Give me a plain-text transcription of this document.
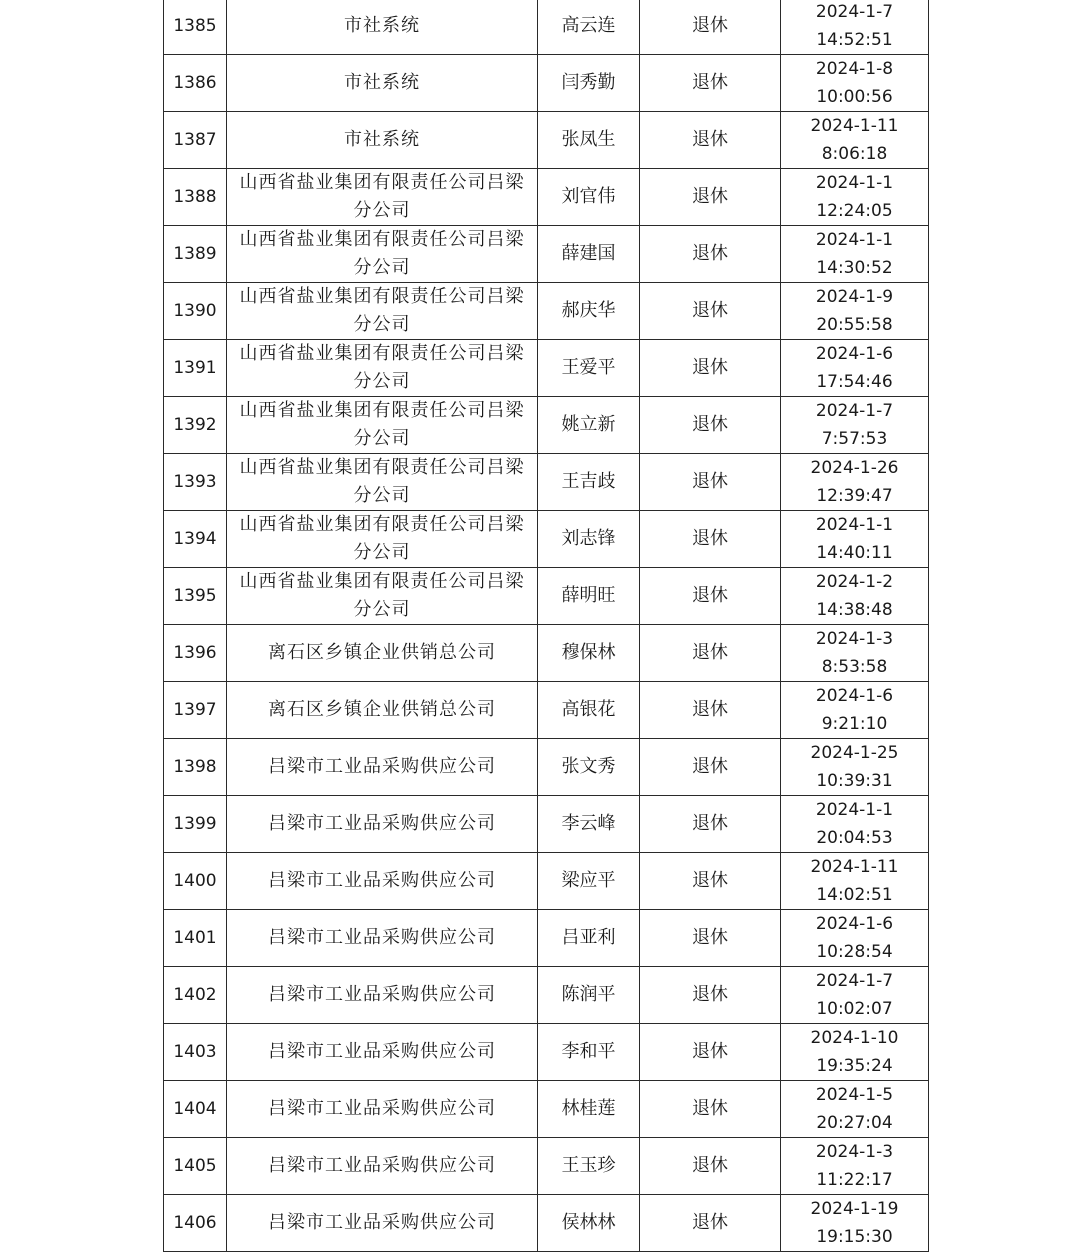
1385	市社系统	高云连	退休	2024-1-7
14:52:51

1386	市社系统	闫秀勤	退休	2024-1-8
10:00:56

1387	市社系统	张凤生	退休	2024-1-11
8:06:18

1388	山西省盐业集团有限责任公司吕梁分公司	刘官伟	退休	2024-1-1
12:24:05

1389	山西省盐业集团有限责任公司吕梁分公司	薛建国	退休	2024-1-1
14:30:52

1390	山西省盐业集团有限责任公司吕梁分公司	郝庆华	退休	2024-1-9
20:55:58

1391	山西省盐业集团有限责任公司吕梁分公司	王爱平	退休	2024-1-6
17:54:46

1392	山西省盐业集团有限责任公司吕梁分公司	姚立新	退休	2024-1-7
7:57:53

1393	山西省盐业集团有限责任公司吕梁分公司	王吉歧	退休	2024-1-26
12:39:47

1394	山西省盐业集团有限责任公司吕梁分公司	刘志锋	退休	2024-1-1
14:40:11

1395	山西省盐业集团有限责任公司吕梁分公司	薛明旺	退休	2024-1-2
14:38:48

1396	离石区乡镇企业供销总公司	穆保林	退休	2024-1-3
8:53:58

1397	离石区乡镇企业供销总公司	高银花	退休	2024-1-6
9:21:10

1398	吕梁市工业品采购供应公司	张文秀	退休	2024-1-25
10:39:31

1399	吕梁市工业品采购供应公司	李云峰	退休	2024-1-1
20:04:53

1400	吕梁市工业品采购供应公司	梁应平	退休	2024-1-11
14:02:51

1401	吕梁市工业品采购供应公司	吕亚利	退休	2024-1-6
10:28:54

1402	吕梁市工业品采购供应公司	陈润平	退休	2024-1-7
10:02:07

1403	吕梁市工业品采购供应公司	李和平	退休	2024-1-10
19:35:24

1404	吕梁市工业品采购供应公司	林桂莲	退休	2024-1-5
20:27:04

1405	吕梁市工业品采购供应公司	王玉珍	退休	2024-1-3
11:22:17

1406	吕梁市工业品采购供应公司	侯林林	退休	2024-1-19
19:15:30
